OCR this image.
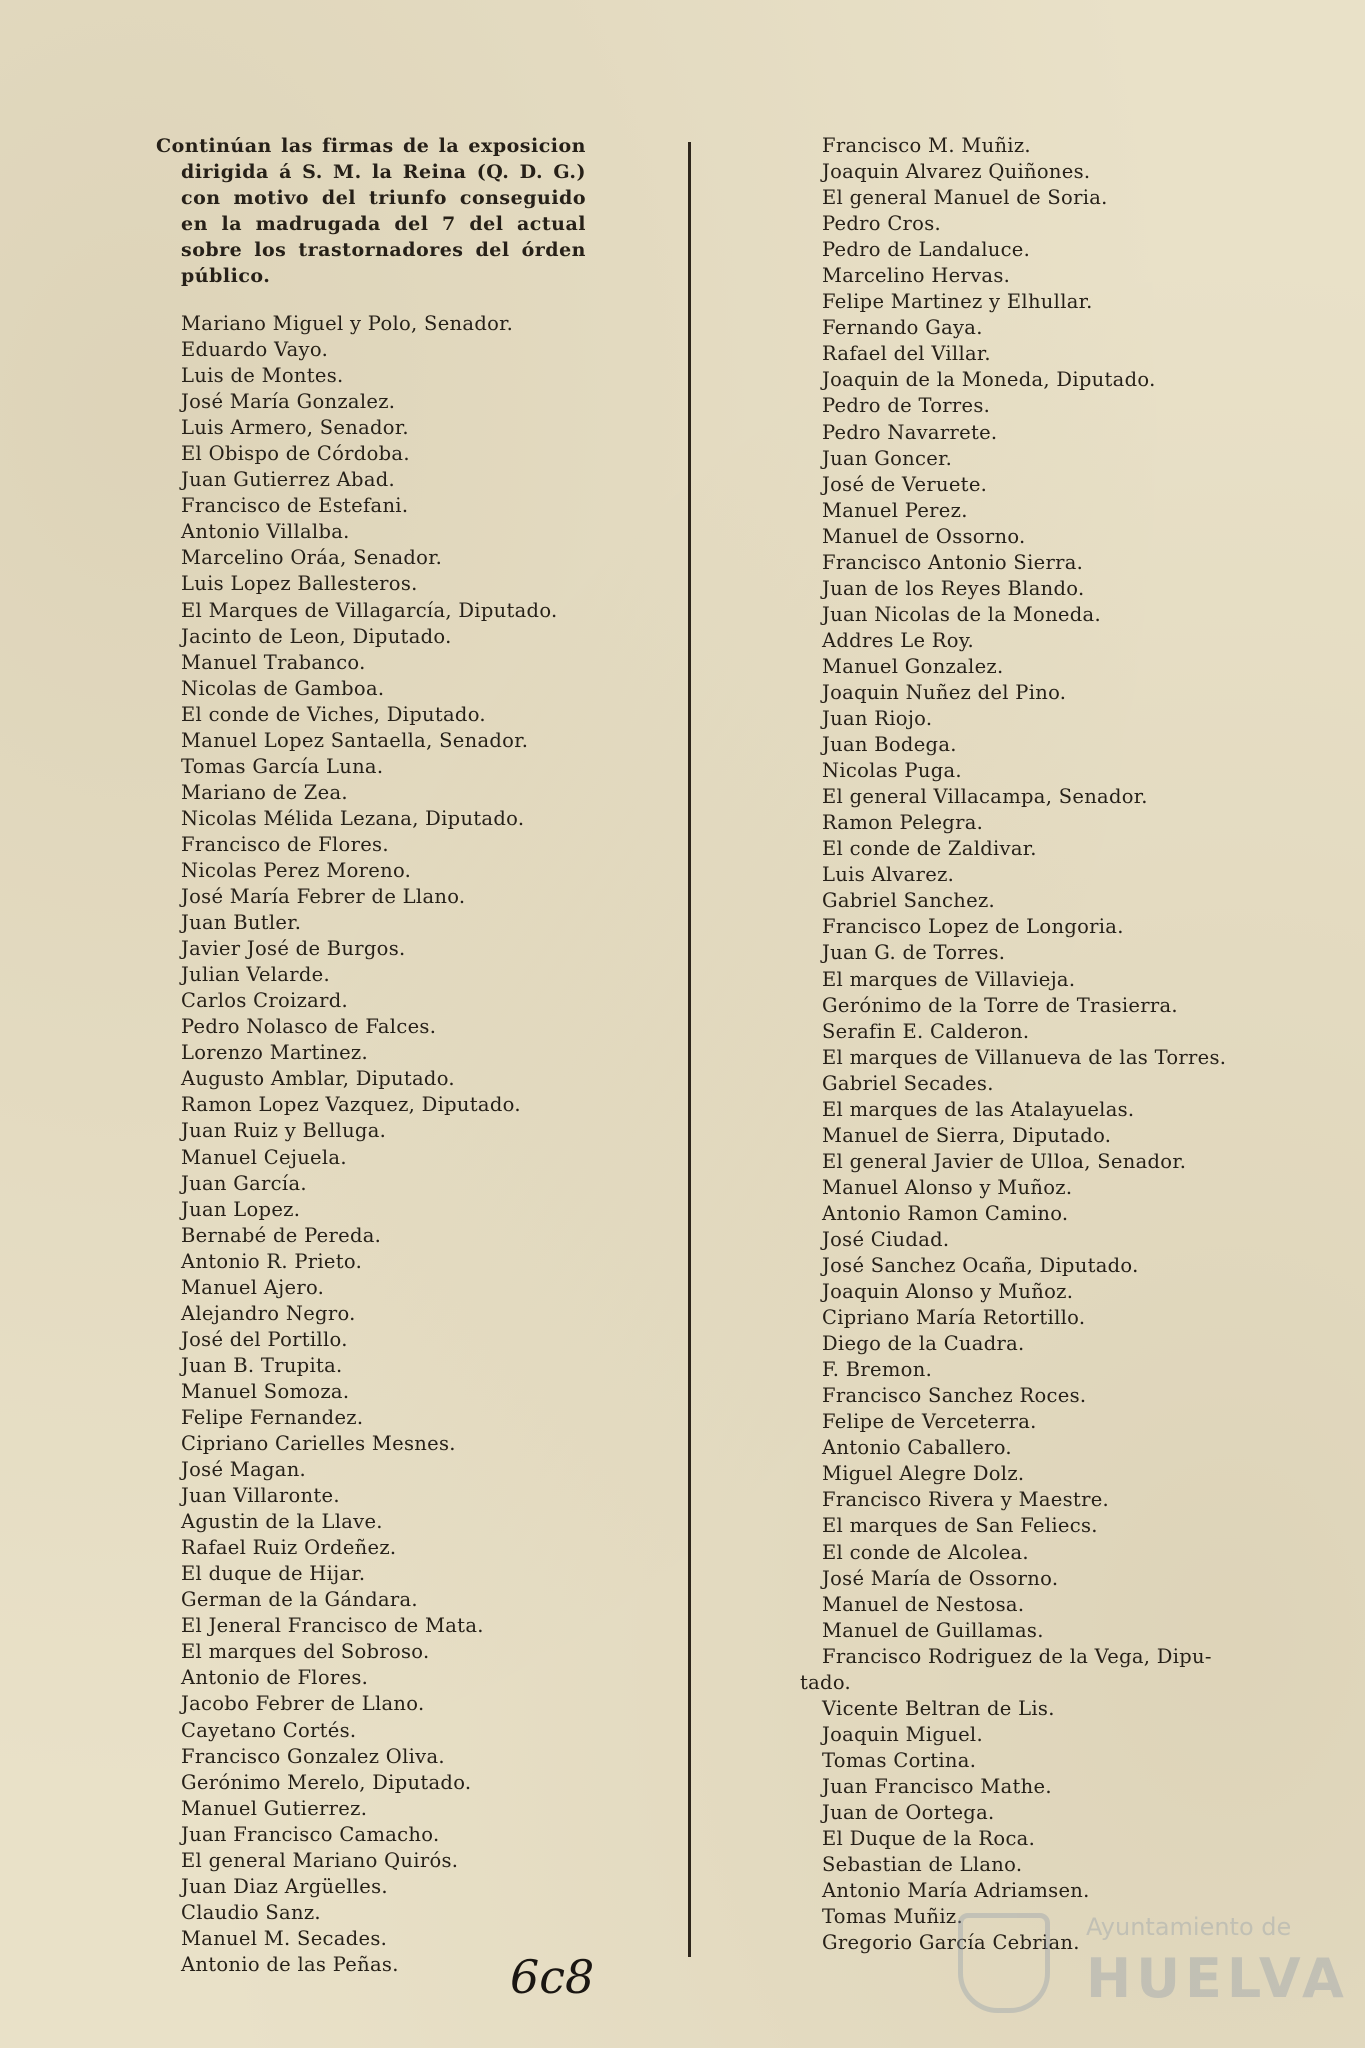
Continúan las firmas de la exposicion dirigida á S. M. la Reina (Q. D. G.) con motivo del triunfo conseguido en la madrugada del 7 del actual sobre los trastornadores del órden público.
Mariano Miguel y Polo, Senador.
Eduardo Vayo.
Luis de Montes.
José María Gonzalez.
Luis Armero, Senador.
El Obispo de Córdoba.
Juan Gutierrez Abad.
Francisco de Estefani.
Antonio Villalba.
Marcelino Oráa, Senador.
Luis Lopez Ballesteros.
El Marques de Villagarcía, Diputado.
Jacinto de Leon, Diputado.
Manuel Trabanco.
Nicolas de Gamboa.
El conde de Viches, Diputado.
Manuel Lopez Santaella, Senador.
Tomas García Luna.
Mariano de Zea.
Nicolas Mélida Lezana, Diputado.
Francisco de Flores.
Nicolas Perez Moreno.
José María Febrer de Llano.
Juan Butler.
Javier José de Burgos.
Julian Velarde.
Carlos Croizard.
Pedro Nolasco de Falces.
Lorenzo Martinez.
Augusto Amblar, Diputado.
Ramon Lopez Vazquez, Diputado.
Juan Ruiz y Belluga.
Manuel Cejuela.
Juan García.
Juan Lopez.
Bernabé de Pereda.
Antonio R. Prieto.
Manuel Ajero.
Alejandro Negro.
José del Portillo.
Juan B. Trupita.
Manuel Somoza.
Felipe Fernandez.
Cipriano Carielles Mesnes.
José Magan.
Juan Villaronte.
Agustin de la Llave.
Rafael Ruiz Ordeñez.
El duque de Hijar.
German de la Gándara.
El Jeneral Francisco de Mata.
El marques del Sobroso.
Antonio de Flores.
Jacobo Febrer de Llano.
Cayetano Cortés.
Francisco Gonzalez Oliva.
Gerónimo Merelo, Diputado.
Manuel Gutierrez.
Juan Francisco Camacho.
El general Mariano Quirós.
Juan Diaz Argüelles.
Claudio Sanz.
Manuel M. Secades.
Antonio de las Peñas.
Francisco M. Muñiz.
Joaquin Alvarez Quiñones.
El general Manuel de Soria.
Pedro Cros.
Pedro de Landaluce.
Marcelino Hervas.
Felipe Martinez y Elhullar.
Fernando Gaya.
Rafael del Villar.
Joaquin de la Moneda, Diputado.
Pedro de Torres.
Pedro Navarrete.
Juan Goncer.
José de Veruete.
Manuel Perez.
Manuel de Ossorno.
Francisco Antonio Sierra.
Juan de los Reyes Blando.
Juan Nicolas de la Moneda.
Addres Le Roy.
Manuel Gonzalez.
Joaquin Nuñez del Pino.
Juan Riojo.
Juan Bodega.
Nicolas Puga.
El general Villacampa, Senador.
Ramon Pelegra.
El conde de Zaldivar.
Luis Alvarez.
Gabriel Sanchez.
Francisco Lopez de Longoria.
Juan G. de Torres.
El marques de Villavieja.
Gerónimo de la Torre de Trasierra.
Serafin E. Calderon.
El marques de Villanueva de las Torres.
Gabriel Secades.
El marques de las Atalayuelas.
Manuel de Sierra, Diputado.
El general Javier de Ulloa, Senador.
Manuel Alonso y Muñoz.
Antonio Ramon Camino.
José Ciudad.
José Sanchez Ocaña, Diputado.
Joaquin Alonso y Muñoz.
Cipriano María Retortillo.
Diego de la Cuadra.
F. Bremon.
Francisco Sanchez Roces.
Felipe de Verceterra.
Antonio Caballero.
Miguel Alegre Dolz.
Francisco Rivera y Maestre.
El marques de San Feliecs.
El conde de Alcolea.
José María de Ossorno.
Manuel de Nestosa.
Manuel de Guillamas.
Francisco Rodriguez de la Vega, Dipu-
tado.
Vicente Beltran de Lis.
Joaquin Miguel.
Tomas Cortina.
Juan Francisco Mathe.
Juan de Oortega.
El Duque de la Roca.
Sebastian de Llano.
Antonio María Adriamsen.
Tomas Muñiz.
Gregorio García Cebrian.
6c8
Ayuntamiento de
HUELVA
